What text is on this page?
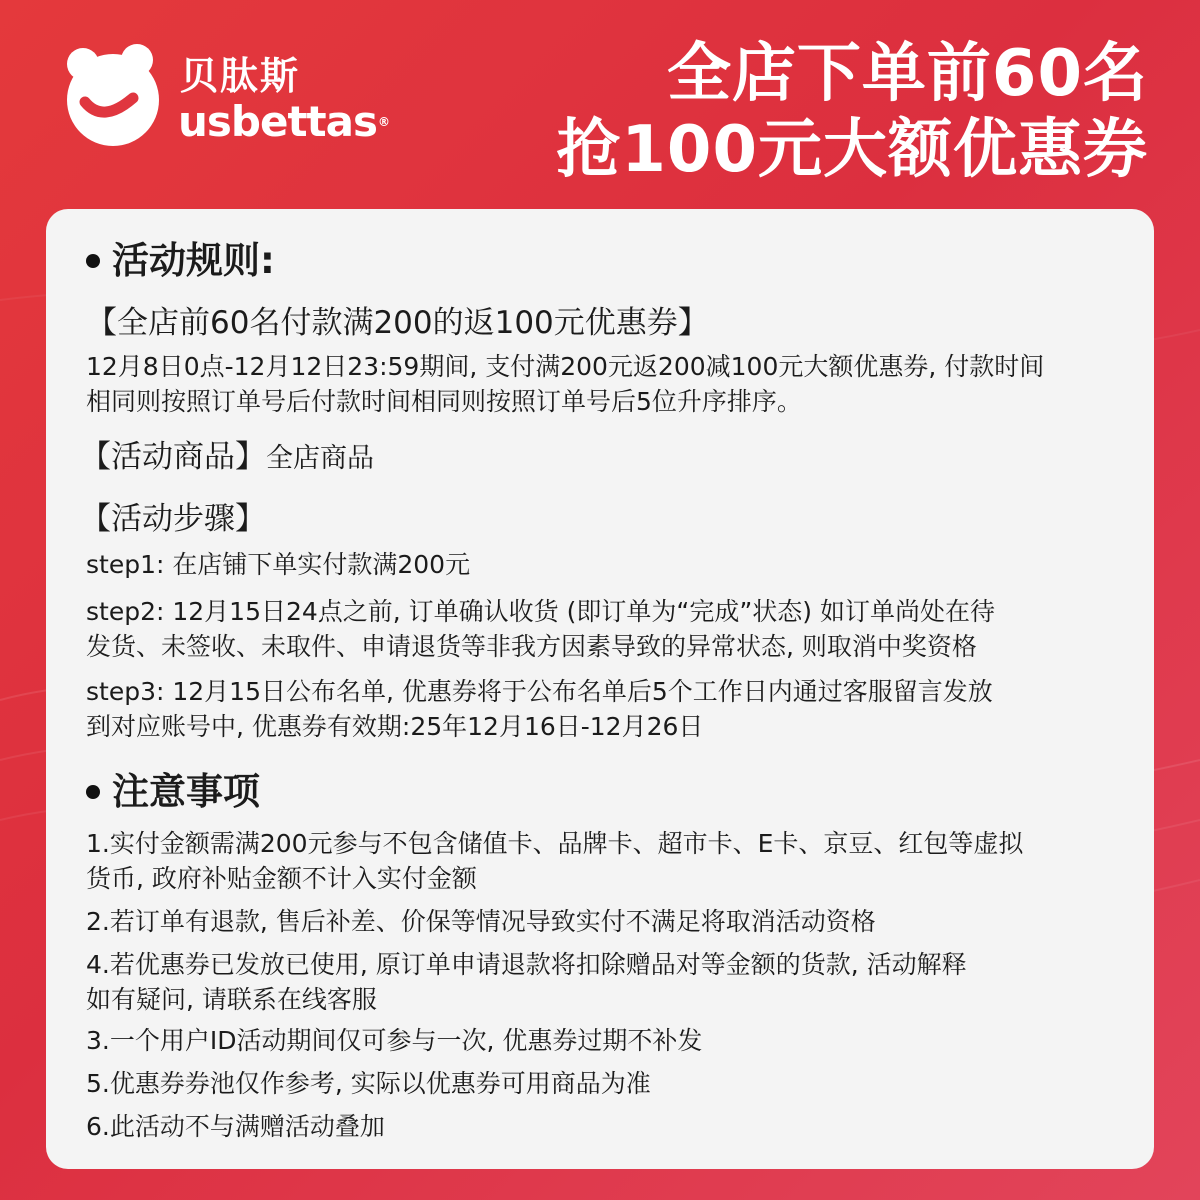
贝肽斯
usbettas®
全店下单前60名
抢100元大额优惠券
活动规则:
【全店前60名付款满200的返100元优惠券】
12月8日0点-12月12日23:59期间, 支付满200元返200减100元大额优惠券, 付款时间
相同则按照订单号后付款时间相同则按照订单号后5位升序排序。
【活动商品】全店商品
【活动步骤】
step1: 在店铺下单实付款满200元
step2: 12月15日24点之前, 订单确认收货 (即订单为“完成”状态) 如订单尚处在待
发货、未签收、未取件、申请退货等非我方因素导致的异常状态, 则取消中奖资格
step3: 12月15日公布名单, 优惠券将于公布名单后5个工作日内通过客服留言发放
到对应账号中, 优惠券有效期:25年12月16日-12月26日
注意事项
1.实付金额需满200元参与不包含储值卡、品牌卡、超市卡、E卡、京豆、红包等虚拟
货币, 政府补贴金额不计入实付金额
2.若订单有退款, 售后补差、价保等情况导致实付不满足将取消活动资格
4.若优惠券已发放已使用, 原订单申请退款将扣除赠品对等金额的货款, 活动解释
如有疑问, 请联系在线客服
3.一个用户ID活动期间仅可参与一次, 优惠券过期不补发
5.优惠券券池仅作参考, 实际以优惠券可用商品为准
6.此活动不与满赠活动叠加
